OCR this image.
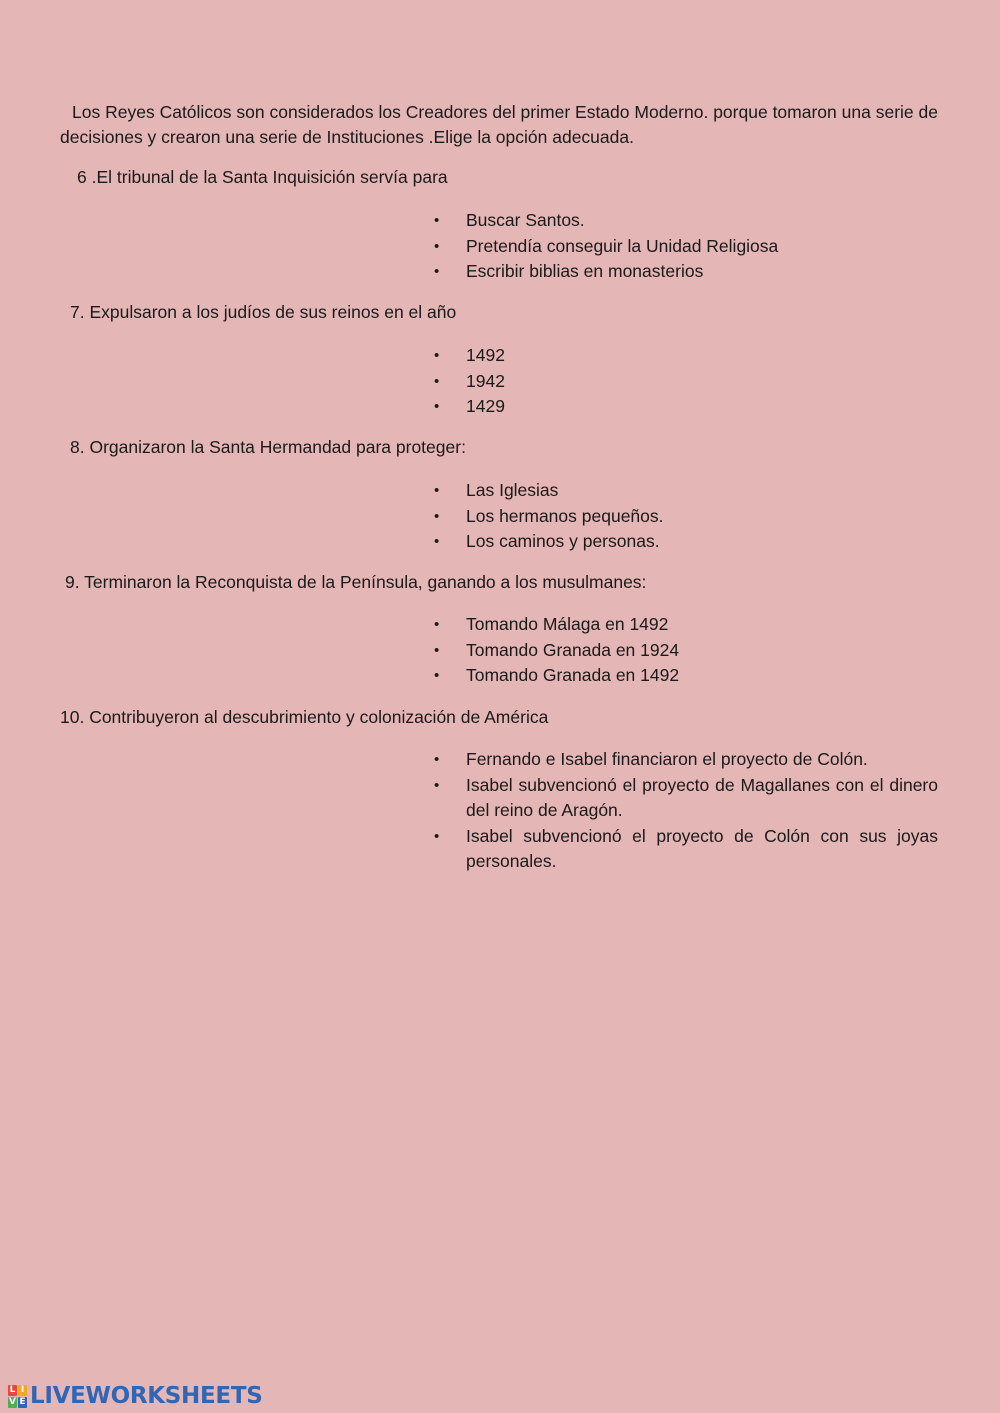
Los Reyes Católicos son considerados los Creadores del primer Estado Moderno. porque tomaron una serie de decisiones y crearon una serie de Instituciones .Elige la opción adecuada.

6 .El tribunal de la Santa Inquisición servía para

• Buscar Santos.
• Pretendía conseguir la Unidad Religiosa
• Escribir biblias en monasterios

7. Expulsaron a los judíos de sus reinos en el año

• 1492
• 1942
• 1429

8. Organizaron la Santa Hermandad para proteger:

• Las Iglesias
• Los hermanos pequeños.
• Los caminos y personas.

9. Terminaron la Reconquista de la Península, ganando a los musulmanes:

• Tomando Málaga en 1492
• Tomando Granada en 1924
• Tomando Granada en 1492

10. Contribuyeron al descubrimiento y colonización de América

• Fernando e Isabel financiaron el proyecto de Colón.
• Isabel subvencionó el proyecto de Magallanes con el dinero del reino de Aragón.
• Isabel subvencionó el proyecto de Colón con sus joyas personales.
L I
V E LIVEWORKSHEETS
